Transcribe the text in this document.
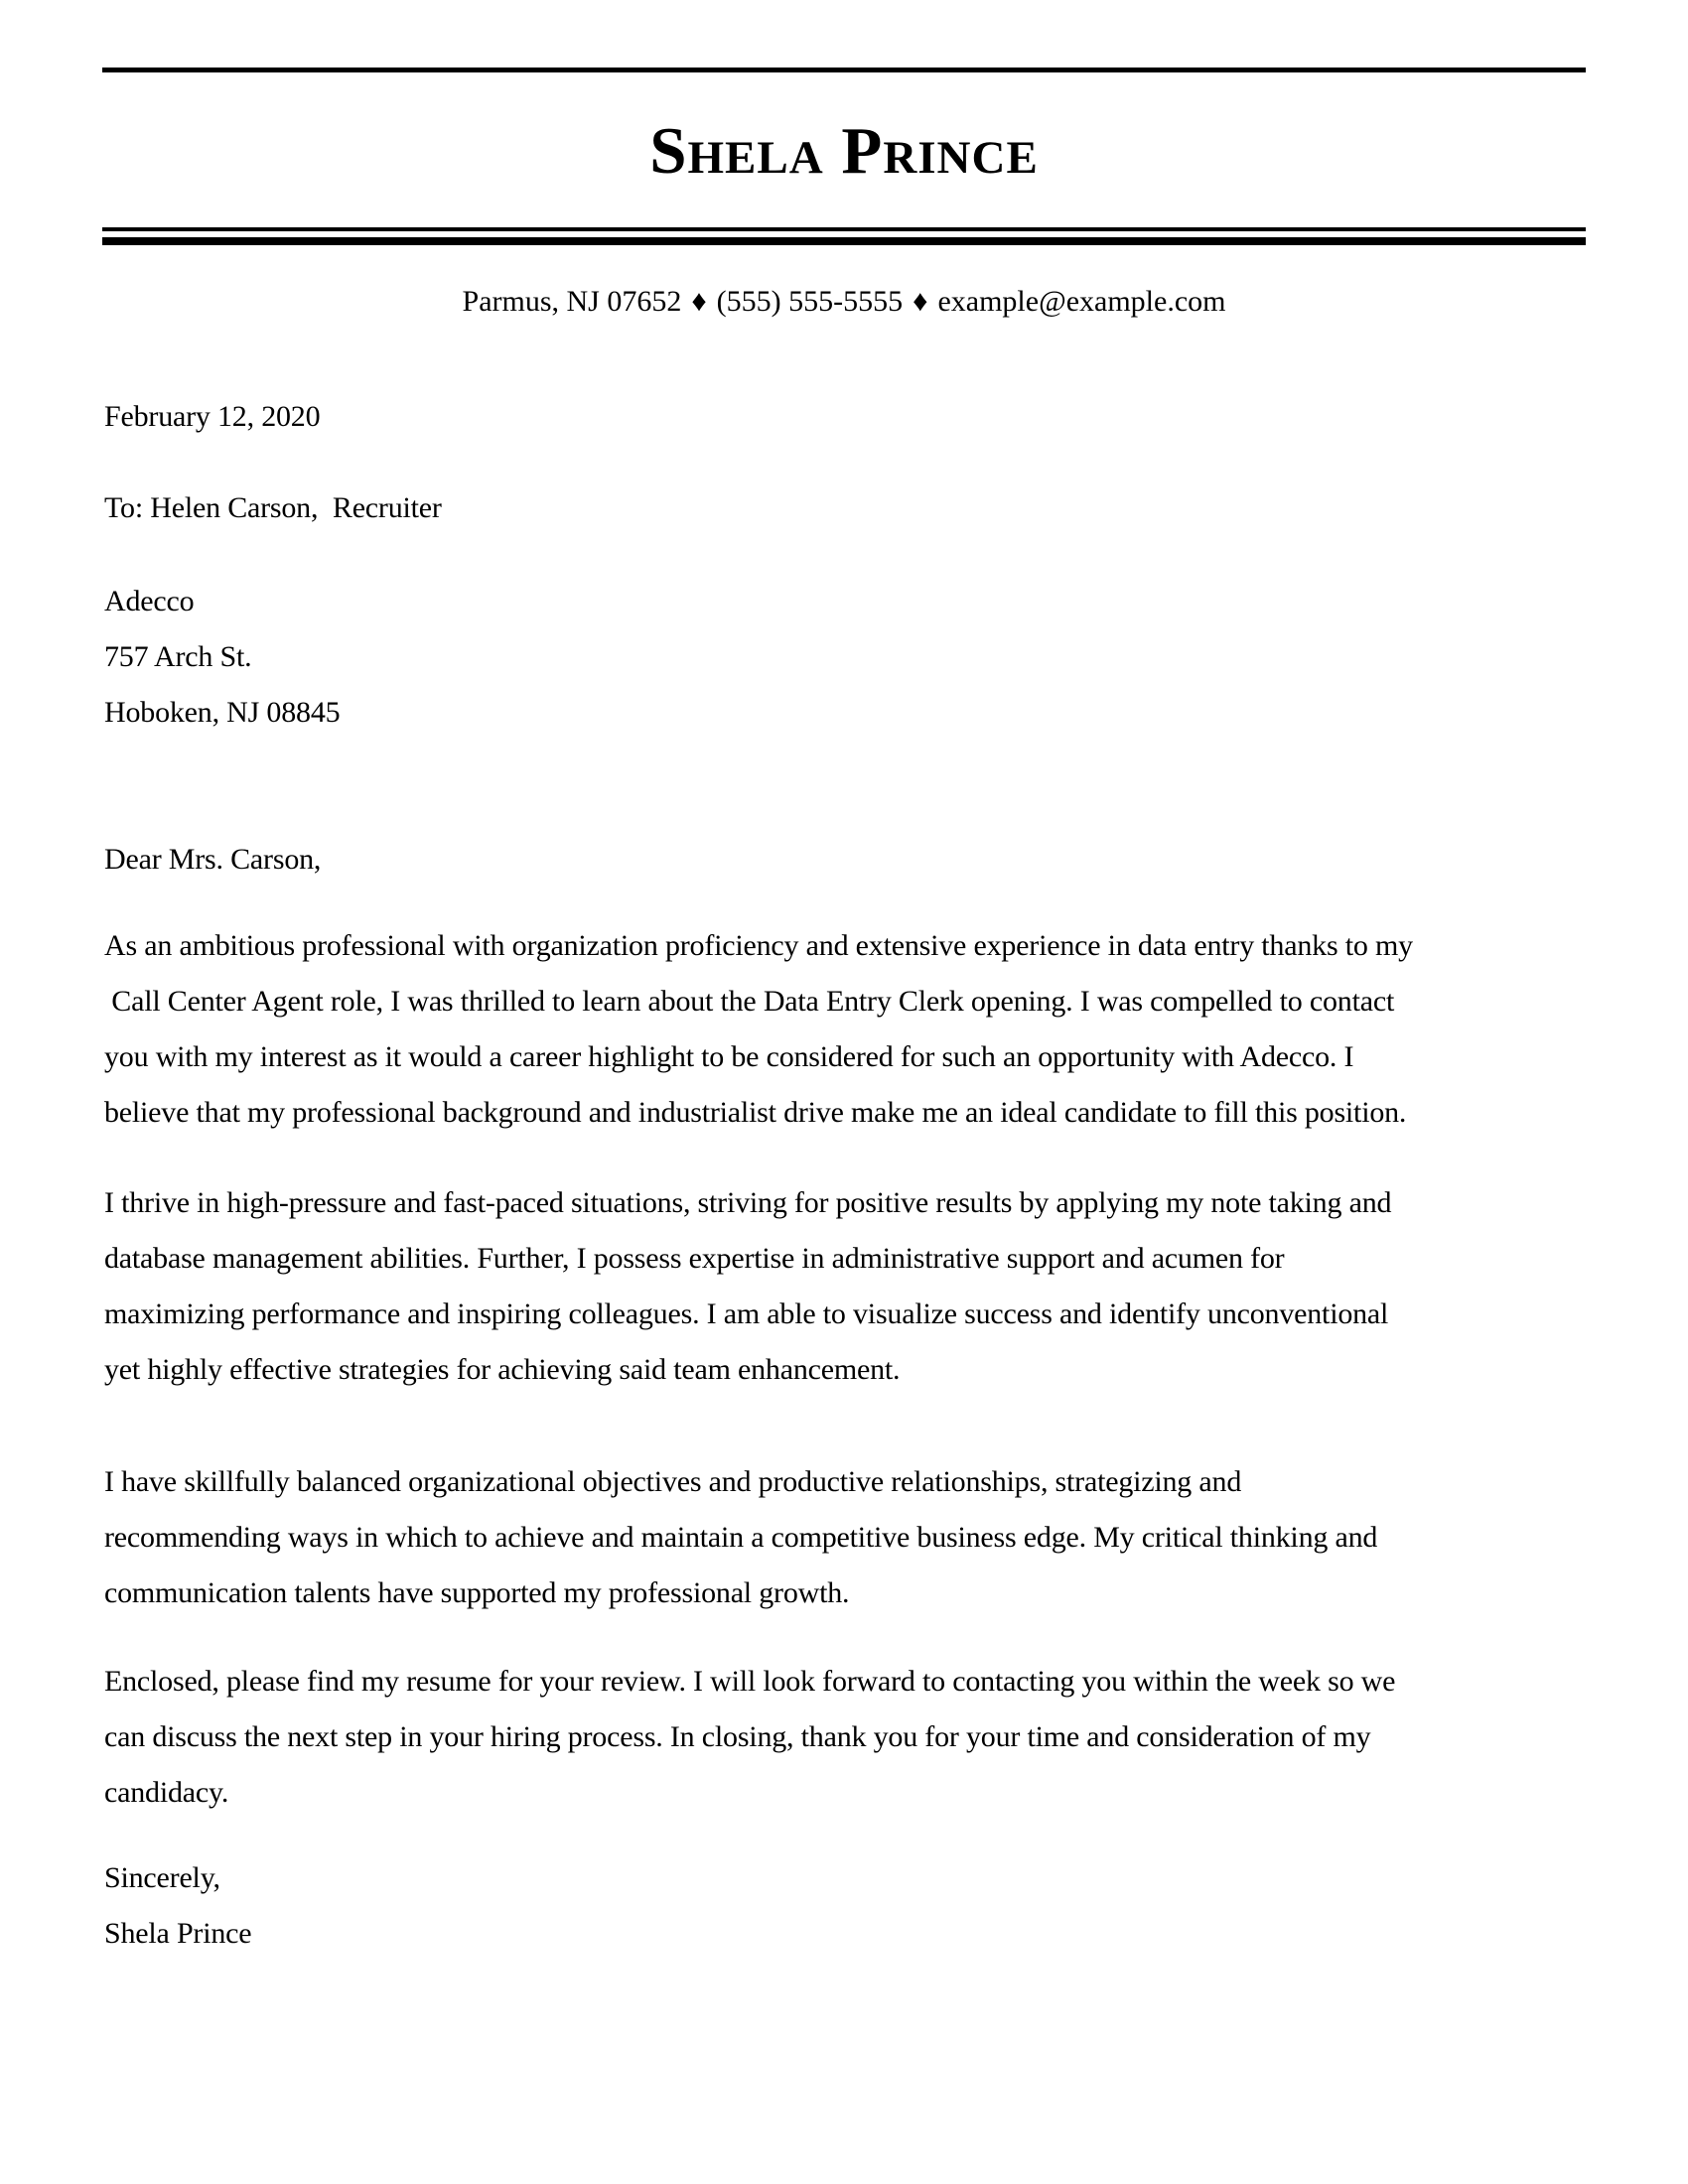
Shela Prince
Parmus, NJ 07652 ♦ (555) 555-5555 ♦ example@example.com
February 12, 2020
To: Helen Carson,  Recruiter
Adecco
757 Arch St.
Hoboken, NJ 08845
Dear Mrs. Carson,
As an ambitious professional with organization proficiency and extensive experience in data entry thanks to my
Call Center Agent role, I was thrilled to learn about the Data Entry Clerk opening. I was compelled to contact
you with my interest as it would a career highlight to be considered for such an opportunity with Adecco. I
believe that my professional background and industrialist drive make me an ideal candidate to fill this position.
I thrive in high-pressure and fast-paced situations, striving for positive results by applying my note taking and
database management abilities. Further, I possess expertise in administrative support and acumen for
maximizing performance and inspiring colleagues. I am able to visualize success and identify unconventional
yet highly effective strategies for achieving said team enhancement.
I have skillfully balanced organizational objectives and productive relationships, strategizing and
recommending ways in which to achieve and maintain a competitive business edge. My critical thinking and
communication talents have supported my professional growth.
Enclosed, please find my resume for your review. I will look forward to contacting you within the week so we
can discuss the next step in your hiring process. In closing, thank you for your time and consideration of my
candidacy.
Sincerely,
Shela Prince
